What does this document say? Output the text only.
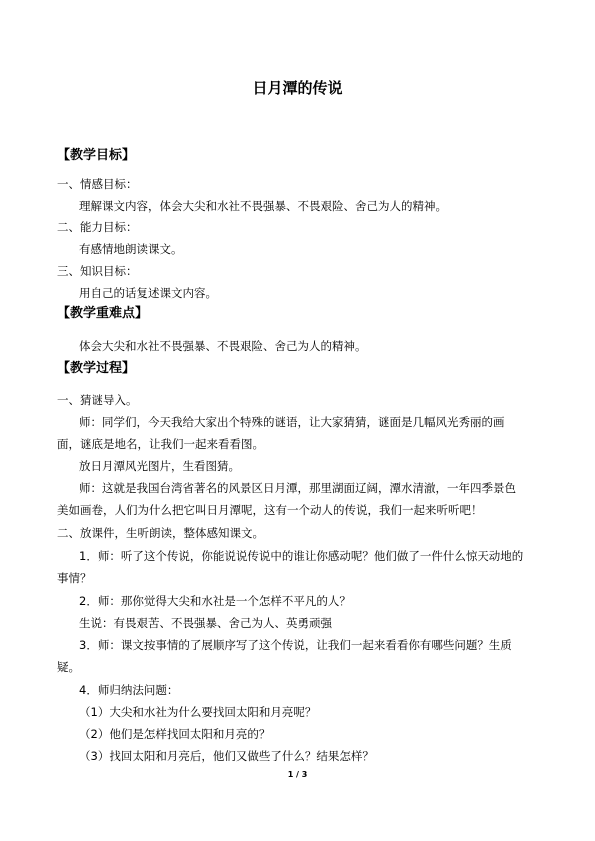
日月潭的传说
【教学目标】
一、情感目标：
理解课文内容，体会大尖和水社不畏强暴、不畏艰险、舍己为人的精神。
二、能力目标：
有感情地朗读课文。
三、知识目标：
用自己的话复述课文内容。
【教学重难点】
体会大尖和水社不畏强暴、不畏艰险、舍己为人的精神。
【教学过程】
一、猜谜导入。
师：同学们，今天我给大家出个特殊的谜语，让大家猜猜，谜面是几幅风光秀丽的画
面，谜底是地名，让我们一起来看看图。
放日月潭风光图片，生看图猜。
师：这就是我国台湾省著名的风景区日月潭，那里湖面辽阔，潭水清澈，一年四季景色
美如画卷，人们为什么把它叫日月潭呢，这有一个动人的传说，我们一起来听听吧！
二、放课件，生听朗读，整体感知课文。
1．师：听了这个传说，你能说说传说中的谁让你感动呢？他们做了一件什么惊天动地的
事情？
2．师：那你觉得大尖和水社是一个怎样不平凡的人？
生说：有畏艰苦、不畏强暴、舍己为人、英勇顽强
3．师：课文按事情的了展顺序写了这个传说，让我们一起来看看你有哪些问题？生质
疑。
4．师归纳法问题：
（1）大尖和水社为什么要找回太阳和月亮呢？
（2）他们是怎样找回太阳和月亮的？
（3）找回太阳和月亮后，他们又做些了什么？结果怎样？
1 / 3
